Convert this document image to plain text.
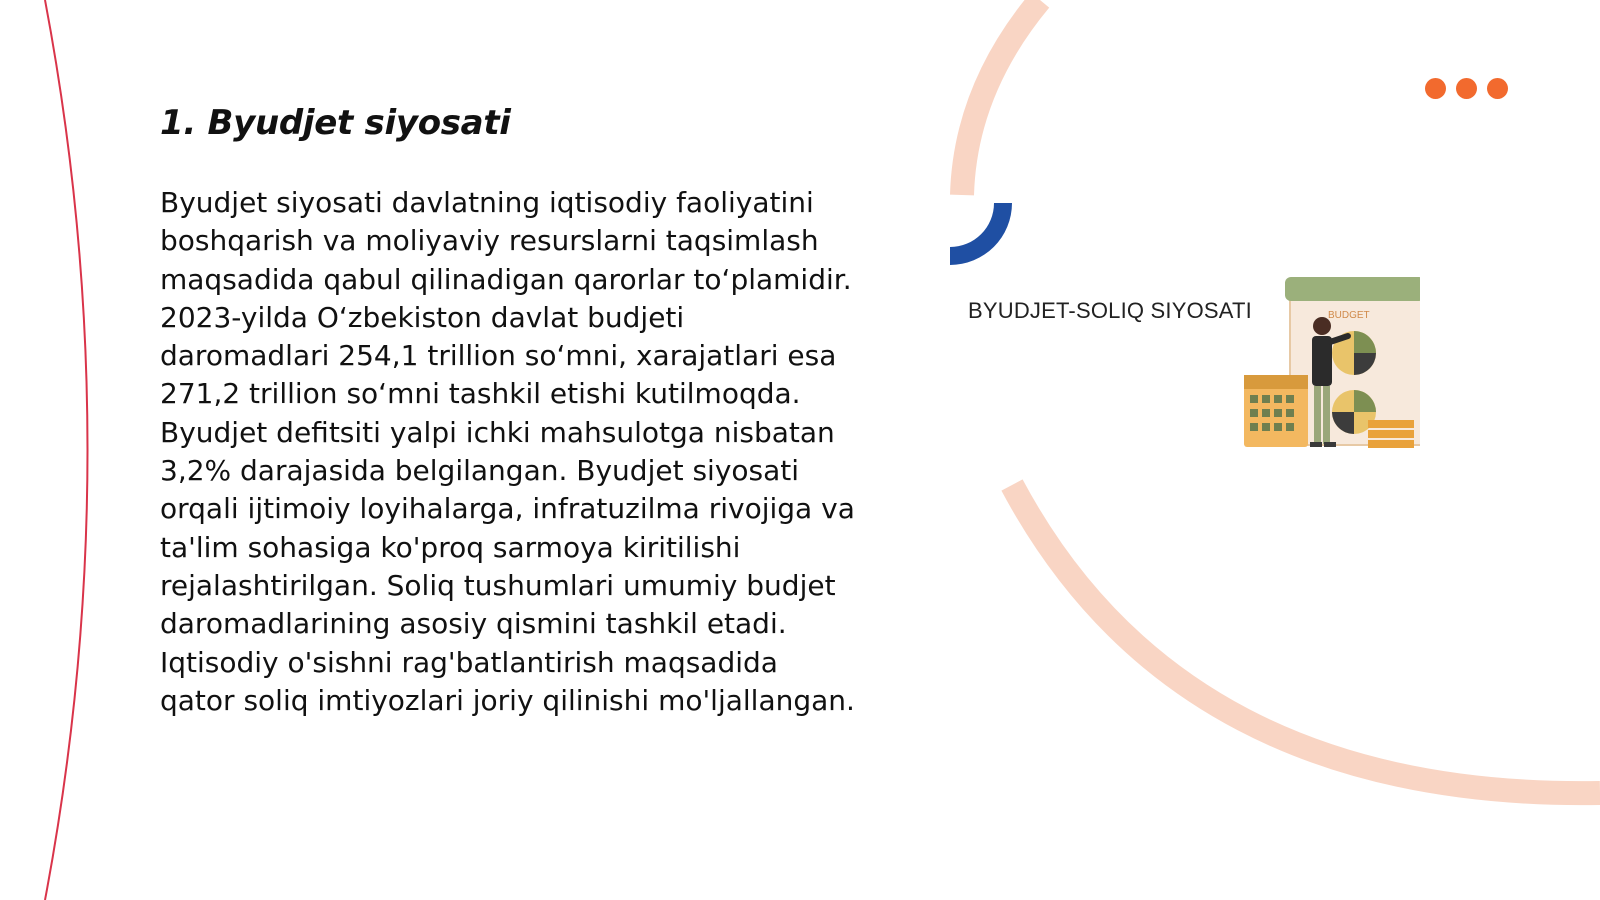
1. Byudjet siyosati

Byudjet siyosati davlatning iqtisodiy faoliyatini boshqarish va moliyaviy resurslarni taqsimlash maqsadida qabul qilinadigan qarorlar to‘plamidir. 2023-yilda O‘zbekiston davlat budjeti daromadlari 254,1 trillion so‘mni, xarajatlari esa 271,2 trillion so‘mni tashkil etishi kutilmoqda. Byudjet defitsiti yalpi ichki mahsulotga nisbatan 3,2% darajasida belgilangan. Byudjet siyosati orqali ijtimoiy loyihalarga, infratuzilma rivojiga va ta'lim sohasiga ko'proq sarmoya kiritilishi rejalashtirilgan. Soliq tushumlari umumiy budjet daromadlarining asosiy qismini tashkil etadi. Iqtisodiy o'sishni rag'batlantirish maqsadida qator soliq imtiyozlari joriy qilinishi mo'ljallangan.

BUDGET
BYUDJET-SOLIQ SIYOSATI
